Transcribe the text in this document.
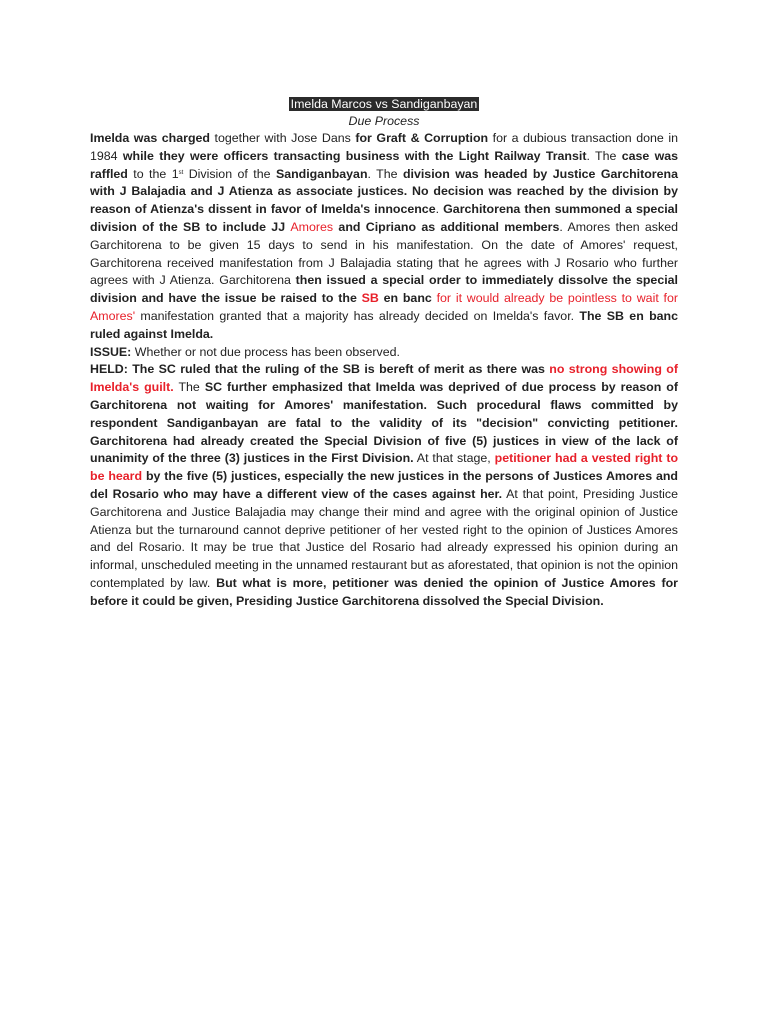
Imelda Marcos vs Sandiganbayan
Due Process

Imelda was charged together with Jose Dans for Graft & Corruption for a dubious transaction done in 1984 while they were officers transacting business with the Light Railway Transit. The case was raffled to the 1st Division of the Sandiganbayan. The division was headed by Justice Garchitorena with J Balajadia and J Atienza as associate justices. No decision was reached by the division by reason of Atienza's dissent in favor of Imelda's innocence. Garchitorena then summoned a special division of the SB to include JJ Amores and Cipriano as additional members. Amores then asked Garchitorena to be given 15 days to send in his manifestation. On the date of Amores' request, Garchitorena received manifestation from J Balajadia stating that he agrees with J Rosario who further agrees with J Atienza. Garchitorena then issued a special order to immediately dissolve the special division and have the issue be raised to the SB en banc for it would already be pointless to wait for Amores' manifestation granted that a majority has already decided on Imelda's favor. The SB en banc ruled against Imelda.

ISSUE: Whether or not due process has been observed.

HELD: The SC ruled that the ruling of the SB is bereft of merit as there was no strong showing of Imelda's guilt. The SC further emphasized that Imelda was deprived of due process by reason of Garchitorena not waiting for Amores' manifestation. Such procedural flaws committed by respondent Sandiganbayan are fatal to the validity of its "decision" convicting petitioner. Garchitorena had already created the Special Division of five (5) justices in view of the lack of unanimity of the three (3) justices in the First Division. At that stage, petitioner had a vested right to be heard by the five (5) justices, especially the new justices in the persons of Justices Amores and del Rosario who may have a different view of the cases against her. At that point, Presiding Justice Garchitorena and Justice Balajadia may change their mind and agree with the original opinion of Justice Atienza but the turnaround cannot deprive petitioner of her vested right to the opinion of Justices Amores and del Rosario. It may be true that Justice del Rosario had already expressed his opinion during an informal, unscheduled meeting in the unnamed restaurant but as aforestated, that opinion is not the opinion contemplated by law. But what is more, petitioner was denied the opinion of Justice Amores for before it could be given, Presiding Justice Garchitorena dissolved the Special Division.
